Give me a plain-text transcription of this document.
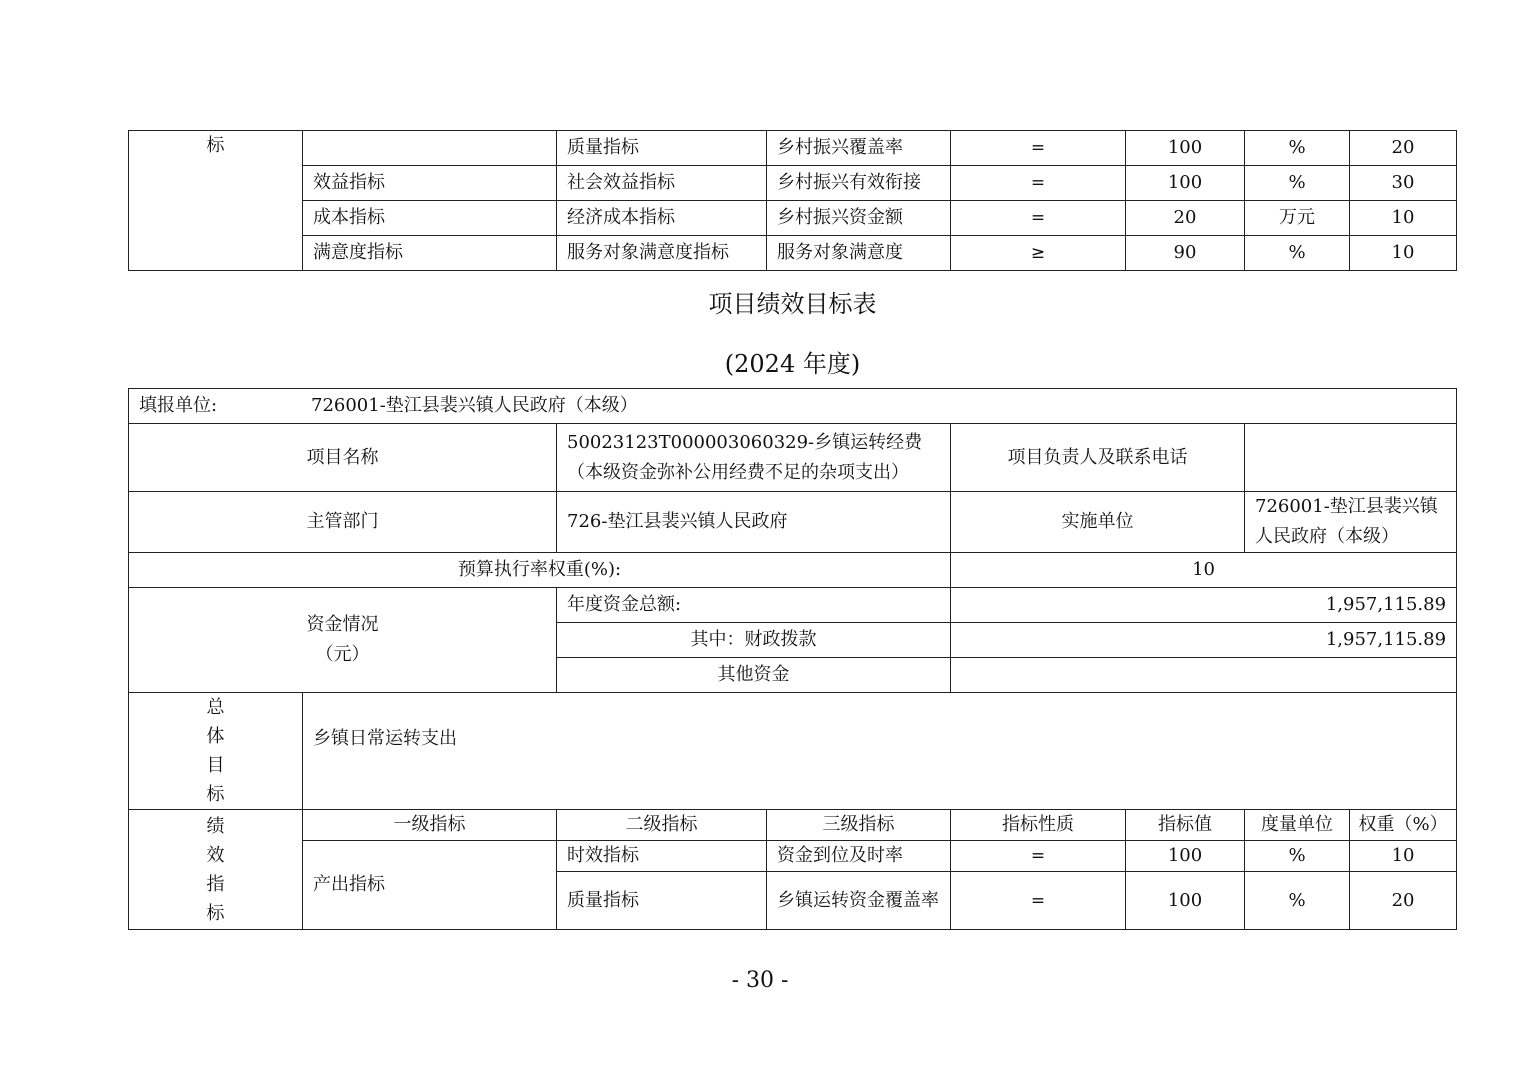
标		质量指标	乡村振兴覆盖率	=	100	%	20
	效益指标	社会效益指标	乡村振兴有效衔接	=	100	%	30
	成本指标	经济成本指标	乡村振兴资金额	=	20	万元	10
	满意度指标	服务对象满意度指标	服务对象满意度	≥	90	%	10
项目绩效目标表
(2024 年度)
填报单位: 726001-垫江县裴兴镇人民政府（本级）							
项目名称		50023123T000003060329-乡镇运转经费（本级资金弥补公用经费不足的杂项支出）		项目负责人及联系电话			
主管部门		726-垫江县裴兴镇人民政府		实施单位		726001-垫江县裴兴镇人民政府（本级）	
预算执行率权重(%):				10			

资金情况
（元）		年度资金总额:		1,957,115.89			
		其中：财政拨款		1,957,115.89			
		其他资金					

总
体
目
标	乡镇日常运转支出						

绩
效
指
标	一级指标	二级指标	三级指标	指标性质	指标值	度量单位	权重（%）
	产出指标	时效指标	资金到位及时率	=	100	%	10
		质量指标	乡镇运转资金覆盖率	=	100	%	20
- 30 -
